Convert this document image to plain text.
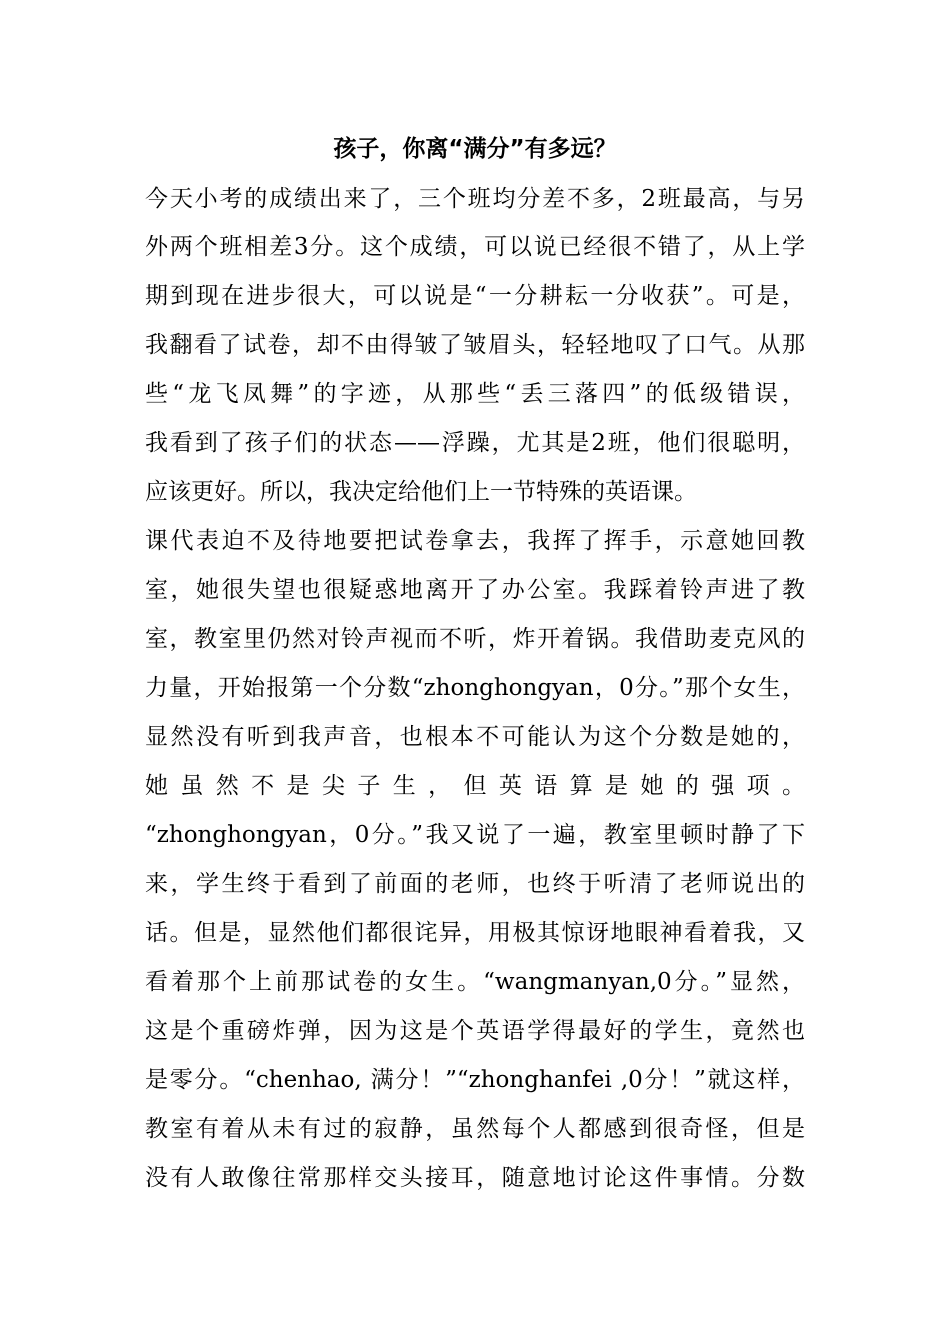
孩子，你离“满分”有多远？
今天小考的成绩出来了，三个班均分差不多，2班最高，与另
外两个班相差3分。这个成绩，可以说已经很不错了，从上学
期到现在进步很大，可以说是“一分耕耘一分收获”。可是，
我翻看了试卷，却不由得皱了皱眉头，轻轻地叹了口气。从那
些“龙飞凤舞”的字迹，从那些“丢三落四”的低级错误，
我看到了孩子们的状态——浮躁，尤其是2班，他们很聪明，
应该更好。所以，我决定给他们上一节特殊的英语课。
课代表迫不及待地要把试卷拿去，我挥了挥手，示意她回教
室，她很失望也很疑惑地离开了办公室。我踩着铃声进了教
室，教室里仍然对铃声视而不听，炸开着锅。我借助麦克风的
力量，开始报第一个分数“zhonghongyan，0分。”那个女生，
显然没有听到我声音，也根本不可能认为这个分数是她的，
她虽然不是尖子生，但英语算是她的强项。
“zhonghongyan，0分。”我又说了一遍，教室里顿时静了下
来，学生终于看到了前面的老师，也终于听清了老师说出的
话。但是，显然他们都很诧异，用极其惊讶地眼神看着我，又
看着那个上前那试卷的女生。“wangmanyan,0分。”显然，
这是个重磅炸弹，因为这是个英语学得最好的学生，竟然也
是零分。“chenhao, 满分！”“zhonghanfei ,0分！”就这样，
教室有着从未有过的寂静，虽然每个人都感到很奇怪，但是
没有人敢像往常那样交头接耳，随意地讨论这件事情。分数
